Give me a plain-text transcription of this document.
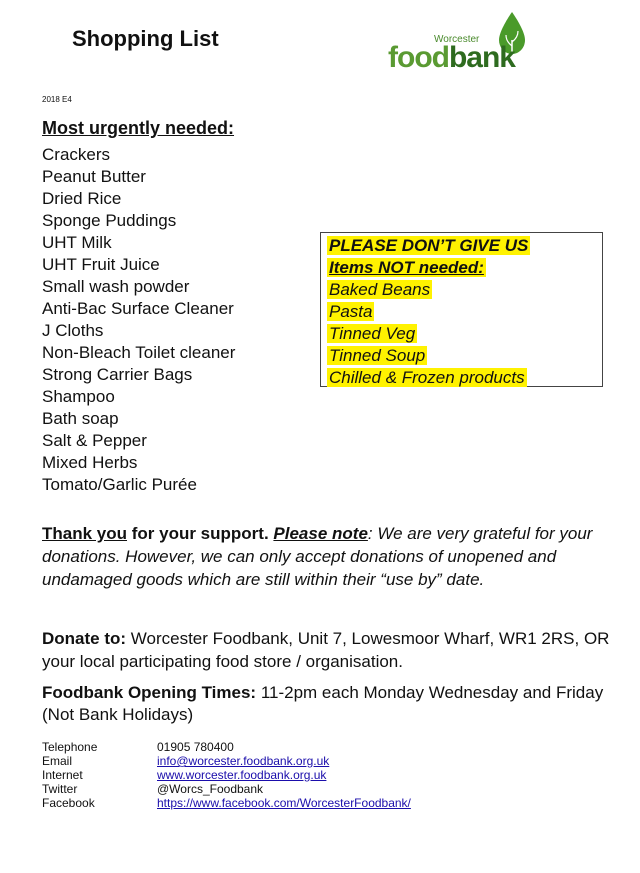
Shopping List	Worcester
foodbank
2018 E4
Most urgently needed:
Crackers
Peanut Butter
Dried Rice
Sponge Puddings
UHT Milk
UHT Fruit Juice
Small wash powder
Anti-Bac Surface Cleaner
J Cloths
Non-Bleach Toilet cleaner
Strong Carrier Bags
Shampoo
Bath soap
Salt & Pepper
Mixed Herbs
Tomato/Garlic Purée
PLEASE DON’T GIVE US
Items NOT needed:
Baked Beans
Pasta
Tinned Veg
Tinned Soup
Chilled & Frozen products

Thank you for your support. Please note: We are very grateful for your donations. However, we can only accept donations of unopened and undamaged goods which are still within their “use by” date.

Donate to: Worcester Foodbank, Unit 7, Lowesmoor Wharf, WR1 2RS, OR your local participating food store / organisation.

Foodbank Opening Times: 11-2pm each Monday Wednesday and Friday (Not Bank Holidays)

Telephone	01905 780400
Email	info@worcester.foodbank.org.uk
Internet	www.worcester.foodbank.org.uk
Twitter	@Worcs_Foodbank
Facebook	https://www.facebook.com/WorcesterFoodbank/
